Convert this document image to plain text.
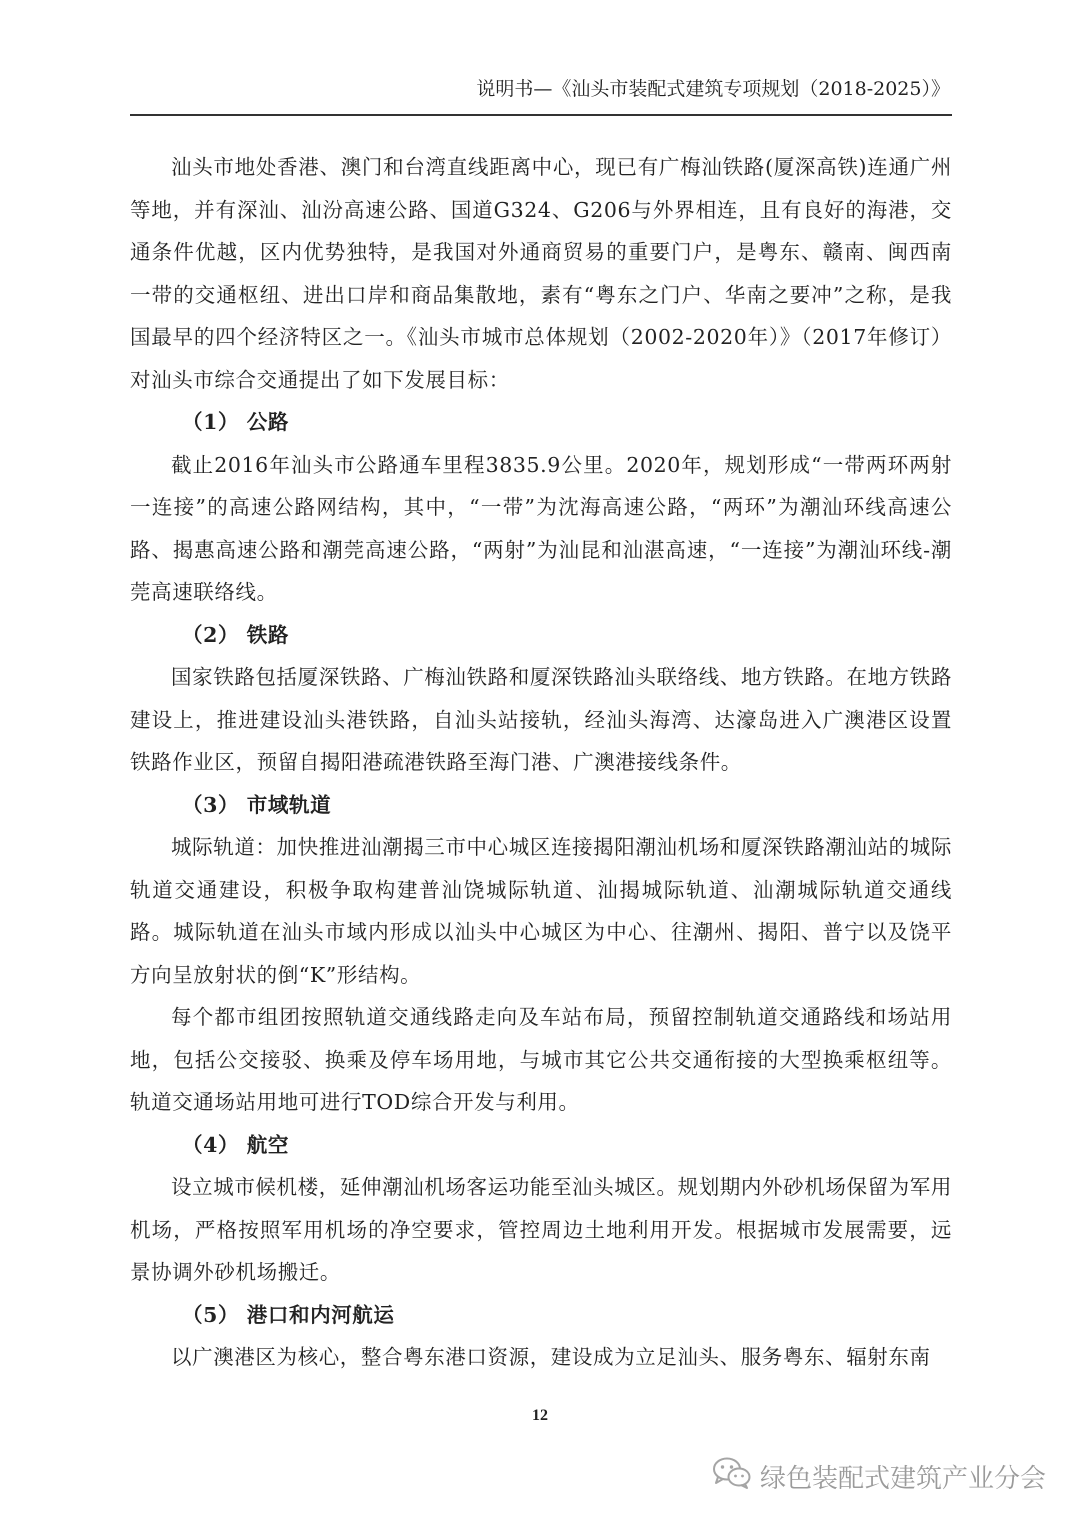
说明书—《汕头市装配式建筑专项规划（2018-2025）》

汕头市地处香港、澳门和台湾直线距离中心，现已有广梅汕铁路(厦深高铁)连通广州等地，并有深汕、汕汾高速公路、国道G324、G206与外界相连，且有良好的海港，交通条件优越，区内优势独特，是我国对外通商贸易的重要门户，是粤东、赣南、闽西南一带的交通枢纽、进出口岸和商品集散地，素有“粤东之门户、华南之要冲”之称，是我国最早的四个经济特区之一。《汕头市城市总体规划（2002-2020年）》（2017年修订）对汕头市综合交通提出了如下发展目标：

（1） 公路

截止2016年汕头市公路通车里程3835.9公里。2020年，规划形成“一带两环两射一连接”的高速公路网结构，其中，“一带”为沈海高速公路，“两环”为潮汕环线高速公路、揭惠高速公路和潮莞高速公路，“两射”为汕昆和汕湛高速，“一连接”为潮汕环线-潮莞高速联络线。

（2） 铁路

国家铁路包括厦深铁路、广梅汕铁路和厦深铁路汕头联络线、地方铁路。在地方铁路建设上，推进建设汕头港铁路，自汕头站接轨，经汕头海湾、达濠岛进入广澳港区设置铁路作业区，预留自揭阳港疏港铁路至海门港、广澳港接线条件。

（3） 市域轨道

城际轨道：加快推进汕潮揭三市中心城区连接揭阳潮汕机场和厦深铁路潮汕站的城际轨道交通建设，积极争取构建普汕饶城际轨道、汕揭城际轨道、汕潮城际轨道交通线路。城际轨道在汕头市域内形成以汕头中心城区为中心、往潮州、揭阳、普宁以及饶平方向呈放射状的倒“K”形结构。

每个都市组团按照轨道交通线路走向及车站布局，预留控制轨道交通路线和场站用地，包括公交接驳、换乘及停车场用地，与城市其它公共交通衔接的大型换乘枢纽等。轨道交通场站用地可进行TOD综合开发与利用。

（4） 航空

设立城市候机楼，延伸潮汕机场客运功能至汕头城区。规划期内外砂机场保留为军用机场，严格按照军用机场的净空要求，管控周边土地利用开发。根据城市发展需要，远景协调外砂机场搬迁。

（5） 港口和内河航运

以广澳港区为核心，整合粤东港口资源，建设成为立足汕头、服务粤东、辐射东南

12
绿色装配式建筑产业分会
